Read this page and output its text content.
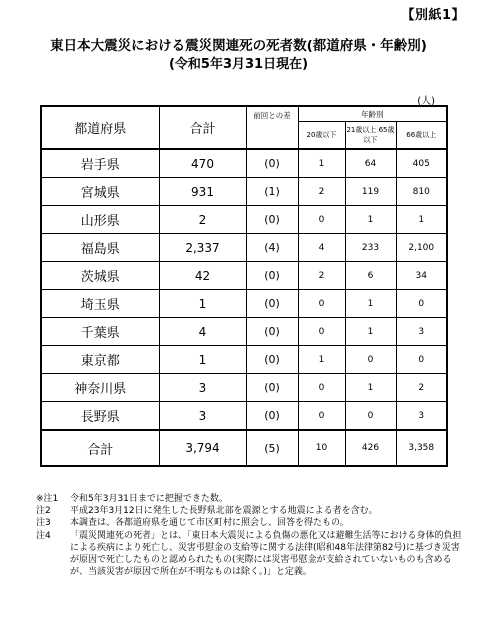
【別紙1】
東日本大震災における震災関連死の死者数(都道府県・年齢別)
(令和5年3月31日現在)
(人)
都道府県	合計	前回との差	年齢別		
			20歳以下	21歳以上 65歳以下	66歳以上
岩手県	470	(0)	1	64	405
宮城県	931	(1)	2	119	810
山形県	2	(0)	0	1	1
福島県	2,337	(4)	4	233	2,100
茨城県	42	(0)	2	6	34
埼玉県	1	(0)	0	1	0
千葉県	4	(0)	0	1	3
東京都	1	(0)	1	0	0
神奈川県	3	(0)	0	1	2
長野県	3	(0)	0	0	3
合計	3,794	(5)	10	426	3,358
※注1	令和5年3月31日までに把握できた数。
注2	平成23年3月12日に発生した長野県北部を震源とする地震による者を含む。
注3	本調査は、各都道府県を通じて市区町村に照会し、回答を得たもの。
注4	「震災関連死の死者」とは、「東日本大震災による負傷の悪化又は避難生活等における身体的負担による疾病により死亡し、災害弔慰金の支給等に関する法律(昭和48年法律第82号)に基づき災害が原因で死亡したものと認められたもの(実際には災害弔慰金が支給されていないものも含めるが、当該災害が原因で所在が不明なものは除く。)」と定義。
